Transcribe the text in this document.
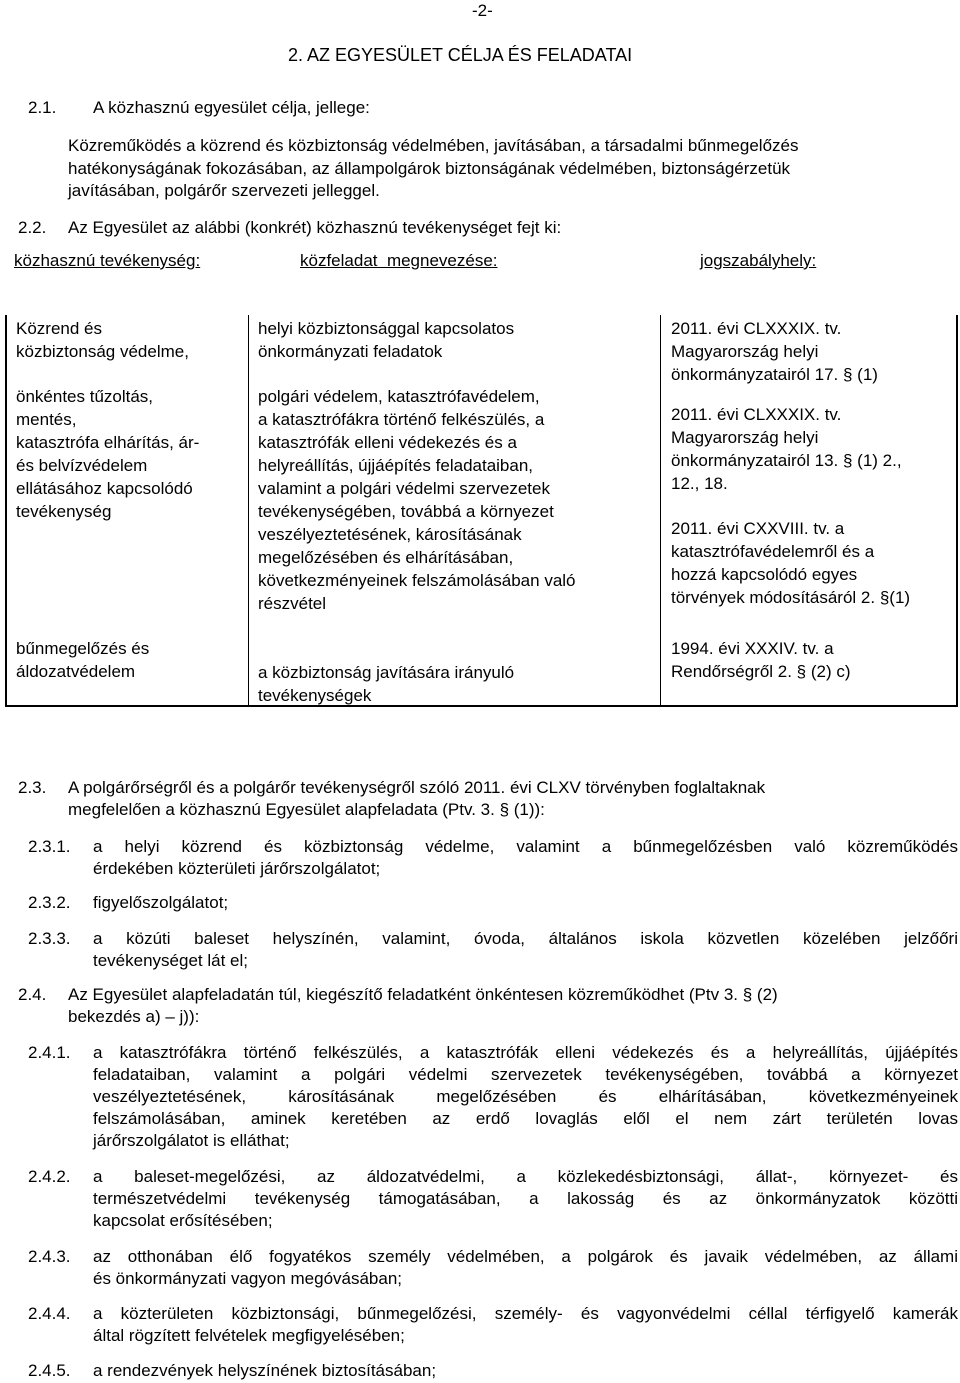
-2-
2. AZ EGYESÜLET CÉLJA ÉS FELADATAI
2.1. A közhasznú egyesület célja, jellege:
Közreműködés a közrend és közbiztonság védelmében, javításában, a társadalmi bűnmegelőzés
hatékonyságának fokozásában, az állampolgárok biztonságának védelmében, biztonságérzetük
javításában, polgárőr szervezeti jelleggel.
2.2. Az Egyesület az alábbi (konkrét) közhasznú tevékenységet fejt ki:
közhasznú tevékenység:	közfeladat  megnevezése:	jogszabályhely:
Közrend és
közbiztonság védelme,
önkéntes tűzoltás,
mentés,
katasztrófa elhárítás, ár-
és belvízvédelem
ellátásához kapcsolódó
tevékenység
bűnmegelőzés és
áldozatvédelem
helyi közbiztonsággal kapcsolatos
önkormányzati feladatok
polgári védelem, katasztrófavédelem,
a katasztrófákra történő felkészülés, a
katasztrófák elleni védekezés és a
helyreállítás, újjáépítés feladataiban,
valamint a polgári védelmi szervezetek
tevékenységében, továbbá a környezet
veszélyeztetésének, károsításának
megelőzésében és elhárításában,
következményeinek felszámolásában való
részvétel
a közbiztonság javítására irányuló
tevékenységek
2011. évi CLXXXIX. tv.
Magyarország helyi
önkormányzatairól 17. § (1)
2011. évi CLXXXIX. tv.
Magyarország helyi
önkormányzatairól 13. § (1) 2.,
12., 18.
2011. évi CXXVIII. tv. a
katasztrófavédelemről és a
hozzá kapcsolódó egyes
törvények módosításáról 2. §(1)
1994. évi XXXIV. tv. a
Rendőrségről 2. § (2) c)
2.3. A polgárőrségről és a polgárőr tevékenységről szóló 2011. évi CLXV törvényben foglaltaknak
megfelelően a közhasznú Egyesület alapfeladata (Ptv. 3. § (1)):
2.3.1. a helyi közrend és közbiztonság védelme, valamint a bűnmegelőzésben való közreműködés
érdekében közterületi járőrszolgálatot;
2.3.2. figyelőszolgálatot;
2.3.3. a közúti baleset helyszínén, valamint, óvoda, általános iskola közvetlen közelében jelzőőri
tevékenységet lát el;
2.4. Az Egyesület alapfeladatán túl, kiegészítő feladatként önkéntesen közreműködhet (Ptv 3. § (2)
bekezdés a) – j)):
2.4.1. a katasztrófákra történő felkészülés, a katasztrófák elleni védekezés és a helyreállítás, újjáépítés
feladataiban, valamint a polgári védelmi szervezetek tevékenységében, továbbá a környezet
veszélyeztetésének, károsításának megelőzésében és elhárításában, következményeinek
felszámolásában, aminek keretében az erdő lovaglás elől el nem zárt területén lovas
járőrszolgálatot is elláthat;
2.4.2. a baleset-megelőzési, az áldozatvédelmi, a közlekedésbiztonsági, állat-, környezet- és
természetvédelmi tevékenység támogatásában, a lakosság és az önkormányzatok közötti
kapcsolat erősítésében;
2.4.3. az otthonában élő fogyatékos személy védelmében, a polgárok és javaik védelmében, az állami
és önkormányzati vagyon megóvásában;
2.4.4. a közterületen közbiztonsági, bűnmegelőzési, személy- és vagyonvédelmi céllal térfigyelő kamerák
által rögzített felvételek megfigyelésében;
2.4.5. a rendezvények helyszínének biztosításában;
